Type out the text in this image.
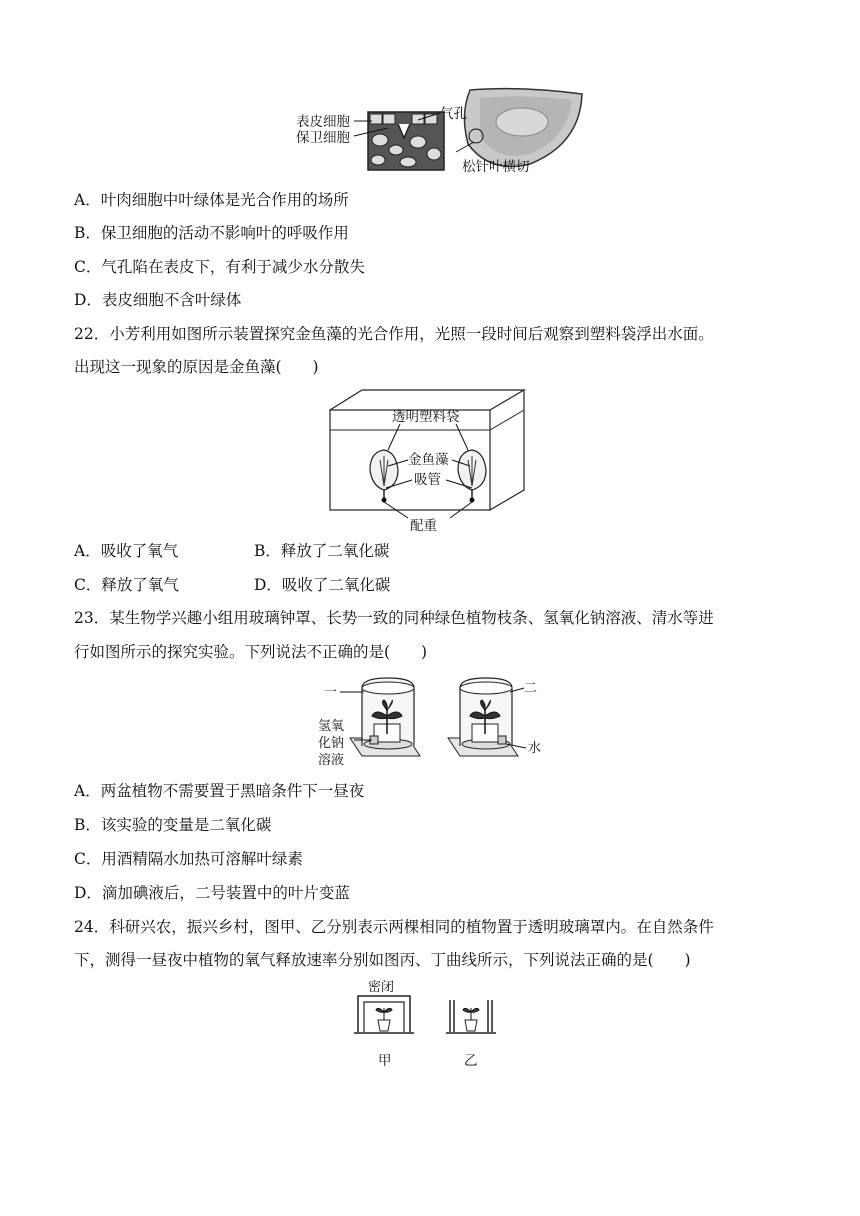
表皮细胞
保卫细胞
气孔
松针叶横切
A．叶肉细胞中叶绿体是光合作用的场所
B．保卫细胞的活动不影响叶的呼吸作用
C．气孔陷在表皮下，有利于减少水分散失
D．表皮细胞不含叶绿体
22．小芳利用如图所示装置探究金鱼藻的光合作用，光照一段时间后观察到塑料袋浮出水面。
出现这一现象的原因是金鱼藻(　　)
透明塑料袋
金鱼藻
吸管
配重
A．吸收了氧气	B．释放了二氧化碳
C．释放了氧气	D．吸收了二氧化碳
23．某生物学兴趣小组用玻璃钟罩、长势一致的同种绿色植物枝条、氢氧化钠溶液、清水等进
行如图所示的探究实验。下列说法不正确的是(　　)
一	二
氢氧
化钠
溶液
水
A．两盆植物不需要置于黑暗条件下一昼夜
B．该实验的变量是二氧化碳
C．用酒精隔水加热可溶解叶绿素
D．滴加碘液后，二号装置中的叶片变蓝
24．科研兴农，振兴乡村，图甲、乙分别表示两棵相同的植物置于透明玻璃罩内。在自然条件
下，测得一昼夜中植物的氧气释放速率分别如图丙、丁曲线所示，下列说法正确的是(　　)
密闭
甲	乙
